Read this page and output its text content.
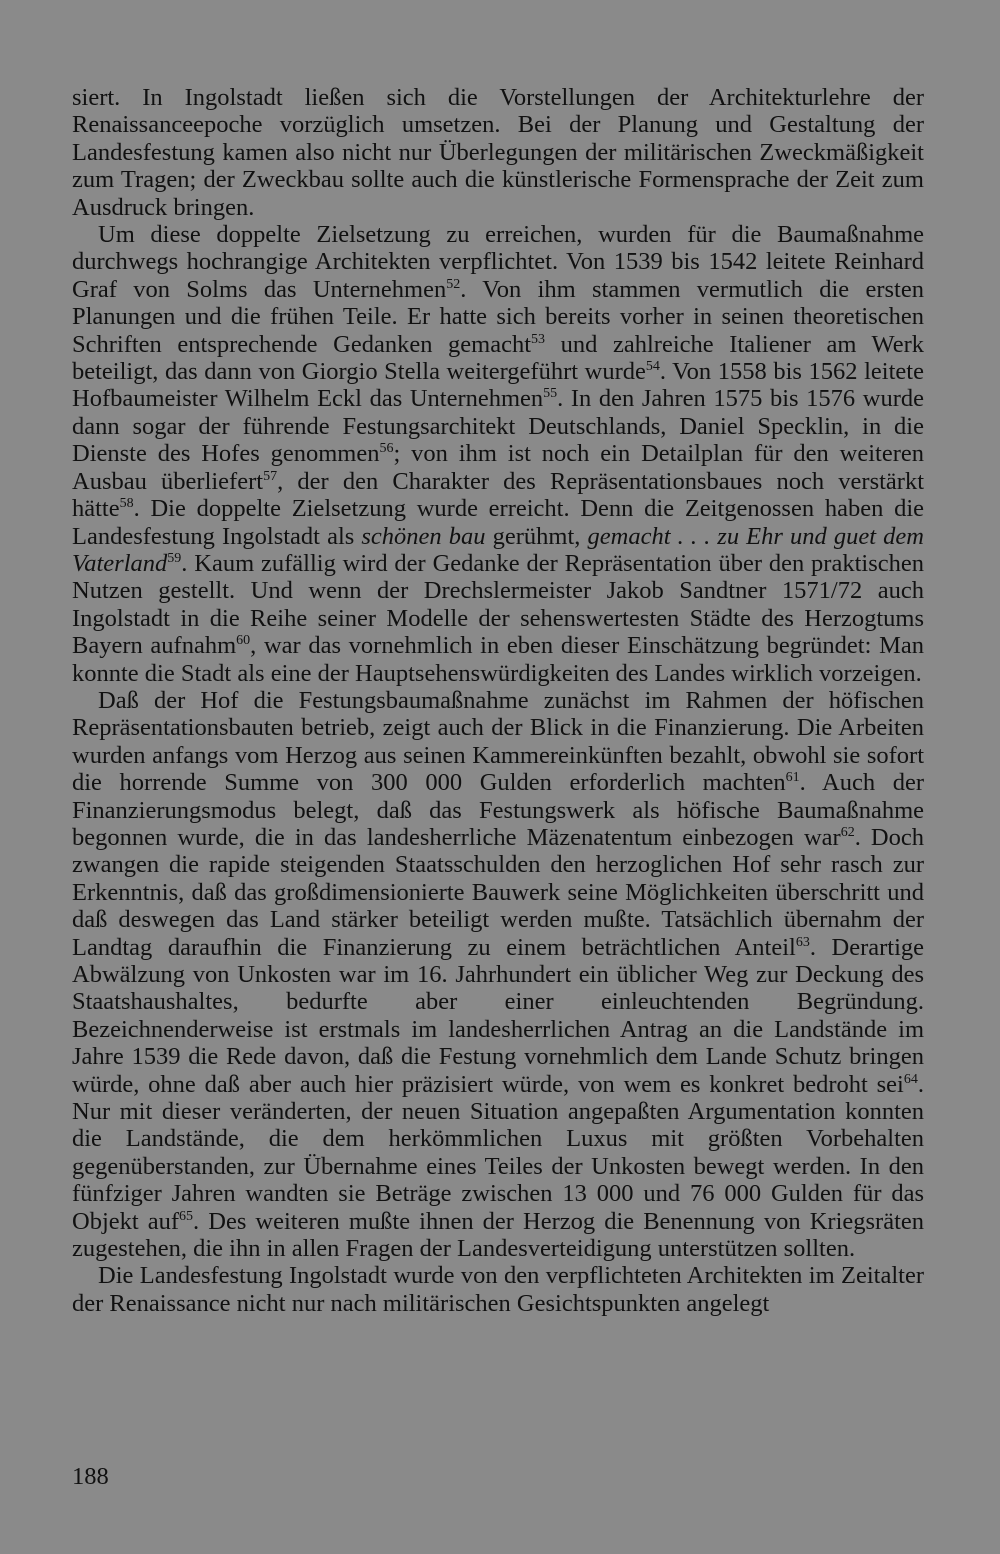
siert. In Ingolstadt ließen sich die Vorstellungen der Architekturlehre der Renaissanceepoche vorzüglich umsetzen. Bei der Planung und Gestaltung der Landesfestung kamen also nicht nur Überlegungen der militärischen Zweckmäßigkeit zum Tragen; der Zweckbau sollte auch die künstlerische Formensprache der Zeit zum Ausdruck bringen.

Um diese doppelte Zielsetzung zu erreichen, wurden für die Baumaßnahme durchwegs hochrangige Architekten verpflichtet. Von 1539 bis 1542 leitete Reinhard Graf von Solms das Unternehmen$^{52}$. Von ihm stammen vermutlich die ersten Planungen und die frühen Teile. Er hatte sich bereits vorher in seinen theoretischen Schriften entsprechende Gedanken gemacht$^{53}$ und zahlreiche Italiener am Werk beteiligt, das dann von Giorgio Stella weitergeführt wurde$^{54}$. Von 1558 bis 1562 leitete Hofbaumeister Wilhelm Eckl das Unternehmen$^{55}$. In den Jahren 1575 bis 1576 wurde dann sogar der führende Festungsarchitekt Deutschlands, Daniel Specklin, in die Dienste des Hofes genommen$^{56}$; von ihm ist noch ein Detailplan für den weiteren Ausbau überliefert$^{57}$, der den Charakter des Repräsentationsbaues noch verstärkt hätte$^{58}$. Die doppelte Zielsetzung wurde erreicht. Denn die Zeitgenossen haben die Landesfestung Ingolstadt als schönen bau gerühmt, gemacht . . . zu Ehr und guet dem Vaterland$^{59}$. Kaum zufällig wird der Gedanke der Repräsentation über den praktischen Nutzen gestellt. Und wenn der Drechslermeister Jakob Sandtner 1571/72 auch Ingolstadt in die Reihe seiner Modelle der sehenswertesten Städte des Herzogtums Bayern aufnahm$^{60}$, war das vornehmlich in eben dieser Einschätzung begründet: Man konnte die Stadt als eine der Hauptsehenswürdigkeiten des Landes wirklich vorzeigen.

Daß der Hof die Festungsbaumaßnahme zunächst im Rahmen der höfischen Repräsentationsbauten betrieb, zeigt auch der Blick in die Finanzierung. Die Arbeiten wurden anfangs vom Herzog aus seinen Kammereinkünften bezahlt, obwohl sie sofort die horrende Summe von 300 000 Gulden erforderlich machten$^{61}$. Auch der Finanzierungsmodus belegt, daß das Festungswerk als höfische Baumaßnahme begonnen wurde, die in das landesherrliche Mäzenatentum einbezogen war$^{62}$. Doch zwangen die rapide steigenden Staatsschulden den herzoglichen Hof sehr rasch zur Erkenntnis, daß das großdimensionierte Bauwerk seine Möglichkeiten überschritt und daß deswegen das Land stärker beteiligt werden mußte. Tatsächlich übernahm der Landtag daraufhin die Finanzierung zu einem beträchtlichen Anteil$^{63}$. Derartige Abwälzung von Unkosten war im 16. Jahrhundert ein üblicher Weg zur Deckung des Staatshaushaltes, bedurfte aber einer einleuchtenden Begründung. Bezeichnenderweise ist erstmals im landesherrlichen Antrag an die Landstände im Jahre 1539 die Rede davon, daß die Festung vornehmlich dem Lande Schutz bringen würde, ohne daß aber auch hier präzisiert würde, von wem es konkret bedroht sei$^{64}$. Nur mit dieser veränderten, der neuen Situation angepaßten Argumentation konnten die Landstände, die dem herkömmlichen Luxus mit größten Vorbehalten gegenüberstanden, zur Übernahme eines Teiles der Unkosten bewegt werden. In den fünfziger Jahren wandten sie Beträge zwischen 13 000 und 76 000 Gulden für das Objekt auf$^{65}$. Des weiteren mußte ihnen der Herzog die Benennung von Kriegsräten zugestehen, die ihn in allen Fragen der Landesverteidigung unterstützen sollten.

Die Landesfestung Ingolstadt wurde von den verpflichteten Architekten im Zeitalter der Renaissance nicht nur nach militärischen Gesichtspunkten angelegt

188
